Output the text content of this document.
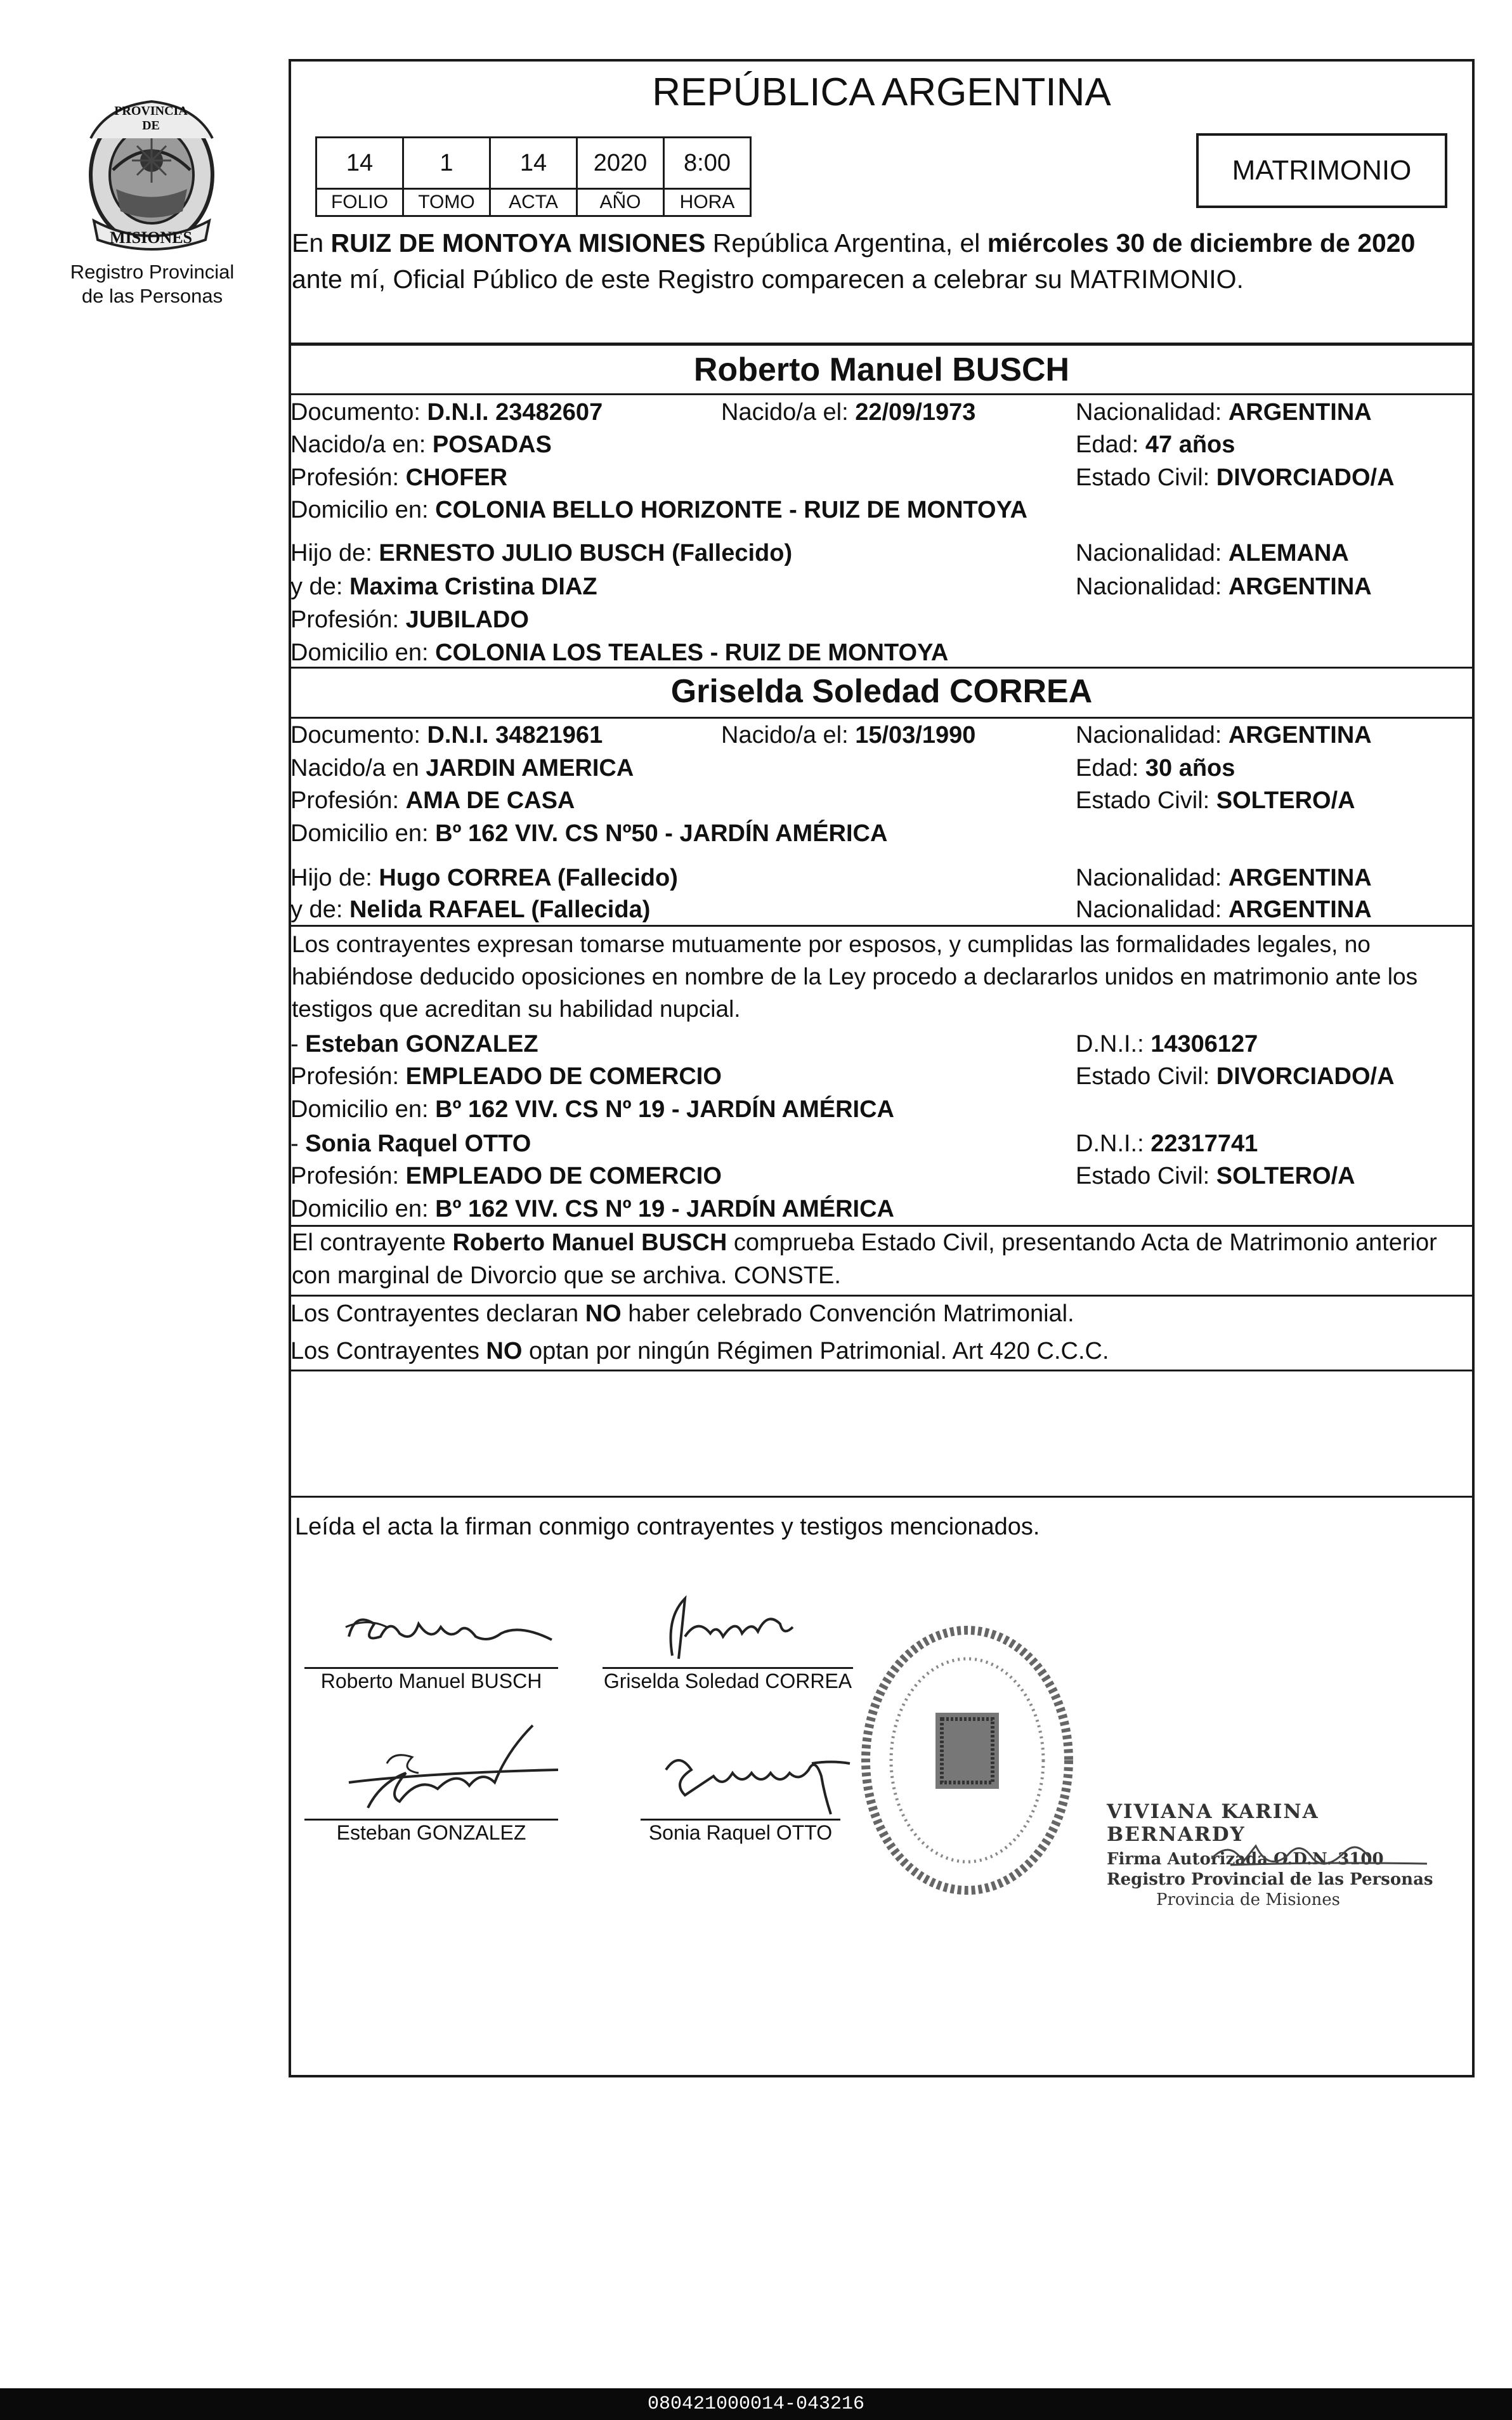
PROVINCIA DE
MISIONES
Registro Provincial
de las Personas
REPÚBLICA ARGENTINA
14	1	14	2020	8:00
FOLIO	TOMO	ACTA	AÑO	HORA
MATRIMONIO
En RUIZ DE MONTOYA MISIONES República Argentina, el miércoles 30 de diciembre de 2020 ante mí, Oficial Público de este Registro comparecen a celebrar su MATRIMONIO.
Roberto Manuel BUSCH
Documento: D.N.I. 23482607	Nacido/a el: 22/09/1973	Nacionalidad: ARGENTINA
Nacido/a en: POSADAS	Edad: 47 años
Profesión: CHOFER	Estado Civil: DIVORCIADO/A
Domicilio en: COLONIA BELLO HORIZONTE - RUIZ DE MONTOYA
Hijo de: ERNESTO JULIO BUSCH (Fallecido)	Nacionalidad: ALEMANA
y de: Maxima Cristina DIAZ	Nacionalidad: ARGENTINA
Profesión: JUBILADO
Domicilio en: COLONIA LOS TEALES - RUIZ DE MONTOYA
Griselda Soledad CORREA
Documento: D.N.I. 34821961	Nacido/a el: 15/03/1990	Nacionalidad: ARGENTINA
Nacido/a en JARDIN AMERICA	Edad: 30 años
Profesión: AMA DE CASA	Estado Civil: SOLTERO/A
Domicilio en: Bº 162 VIV. CS Nº50 - JARDÍN AMÉRICA
Hijo de: Hugo CORREA (Fallecido)	Nacionalidad: ARGENTINA
y de: Nelida RAFAEL (Fallecida)	Nacionalidad: ARGENTINA
Los contrayentes expresan tomarse mutuamente por esposos, y cumplidas las formalidades legales, no habiéndose deducido oposiciones en nombre de la Ley procedo a declararlos unidos en matrimonio ante los testigos que acreditan su habilidad nupcial.
- Esteban GONZALEZ	D.N.I.: 14306127
Profesión: EMPLEADO DE COMERCIO	Estado Civil: DIVORCIADO/A
Domicilio en: Bº 162 VIV. CS Nº 19 - JARDÍN AMÉRICA
- Sonia Raquel OTTO	D.N.I.: 22317741
Profesión: EMPLEADO DE COMERCIO	Estado Civil: SOLTERO/A
Domicilio en: Bº 162 VIV. CS Nº 19 - JARDÍN AMÉRICA
El contrayente Roberto Manuel BUSCH comprueba Estado Civil, presentando Acta de Matrimonio anterior con marginal de Divorcio que se archiva. CONSTE.
Los Contrayentes declaran NO haber celebrado Convención Matrimonial.
Los Contrayentes NO optan por ningún Régimen Patrimonial. Art 420 C.C.C.
Leída el acta la firman conmigo contrayentes y testigos mencionados.
Roberto Manuel BUSCH	Griselda Soledad CORREA
Esteban GONZALEZ	Sonia Raquel OTTO
VIVIANA KARINA BERNARDY
Firma Autorizada O.D.N. 3100
Registro Provincial de las Personas
Provincia de Misiones
080421000014-043216
